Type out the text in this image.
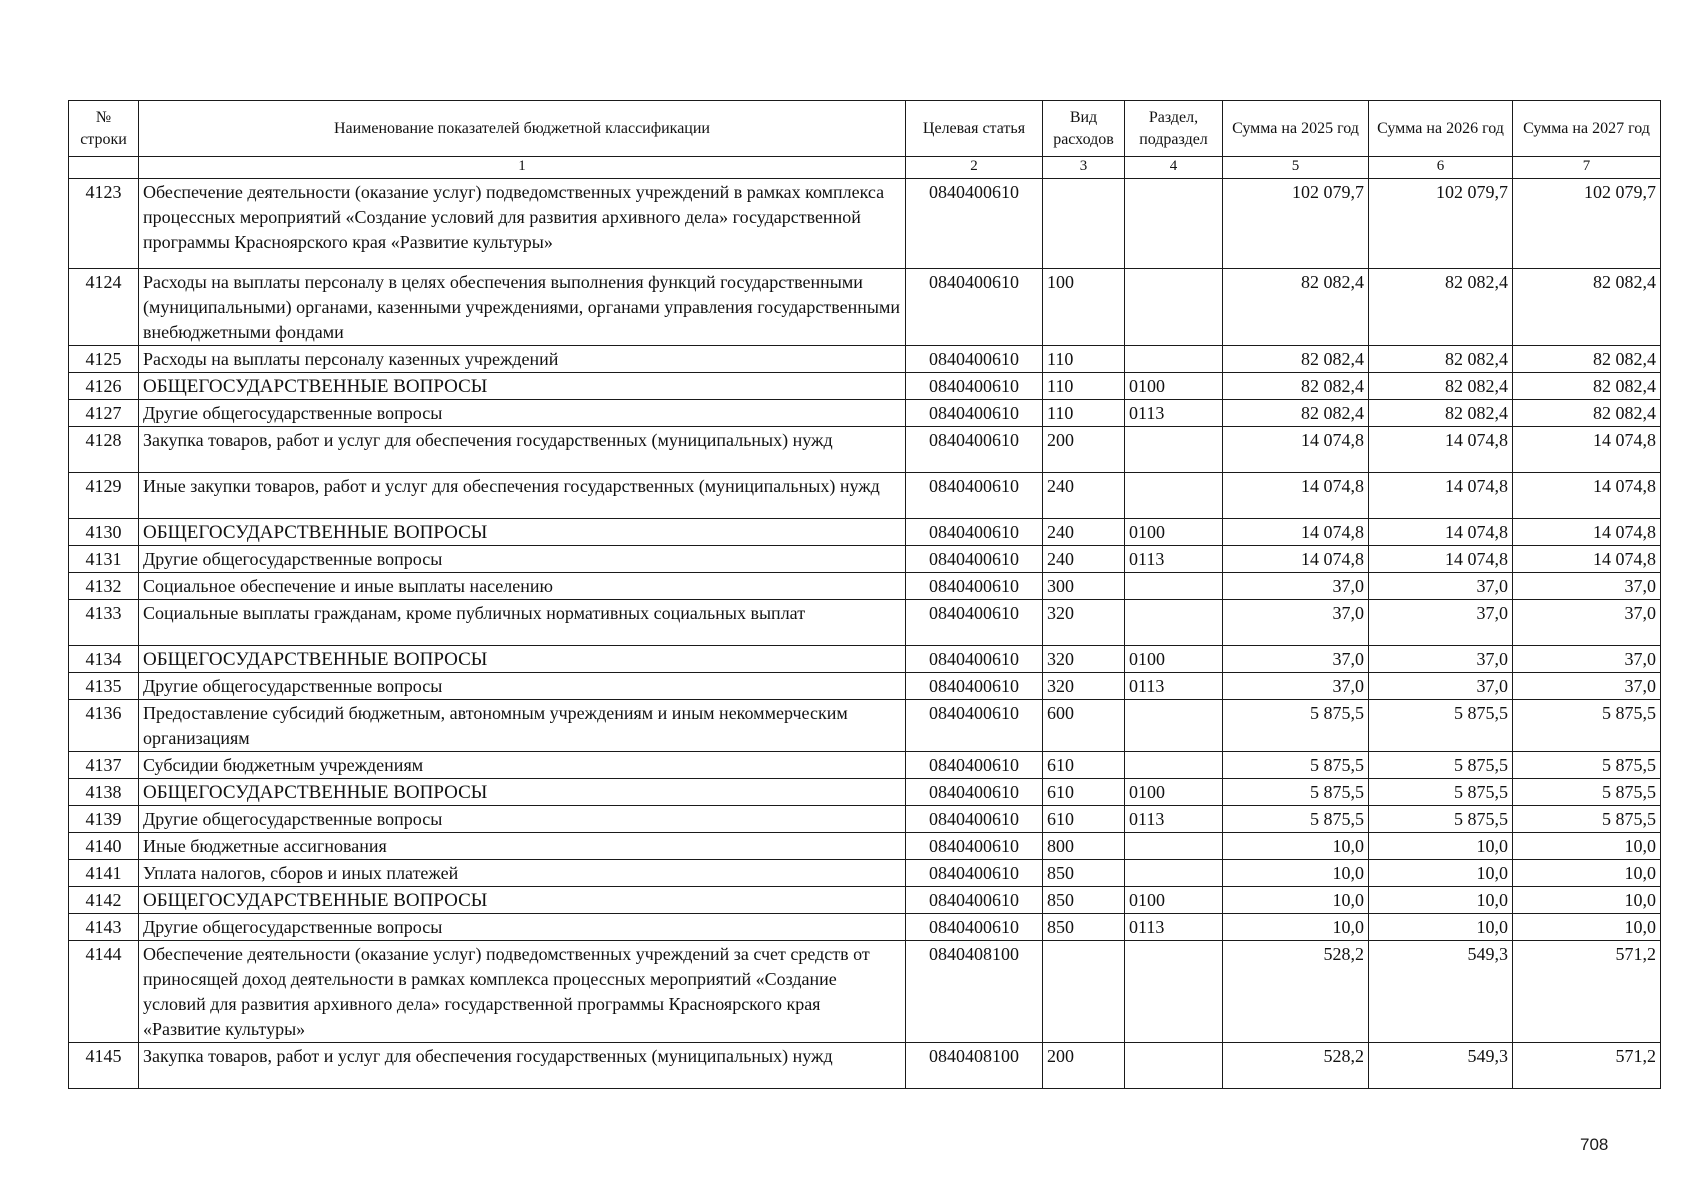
№ строки	Наименование показателей бюджетной классификации	Целевая статья	Вид расходов	Раздел, подраздел	Сумма на 2025 год	Сумма на 2026 год	Сумма на 2027 год
	1	2	3	4	5	6	7
4123	Обеспечение деятельности (оказание услуг) подведомственных учреждений в рамках комплекса процессных мероприятий «Создание условий для развития архивного дела» государственной программы Красноярского края «Развитие культуры»	0840400610			102 079,7	102 079,7	102 079,7
4124	Расходы на выплаты персоналу в целях обеспечения выполнения функций государственными (муниципальными) органами, казенными учреждениями, органами управления государственными внебюджетными фондами	0840400610	100		82 082,4	82 082,4	82 082,4
4125	Расходы на выплаты персоналу казенных учреждений	0840400610	110		82 082,4	82 082,4	82 082,4
4126	ОБЩЕГОСУДАРСТВЕННЫЕ ВОПРОСЫ	0840400610	110	0100	82 082,4	82 082,4	82 082,4
4127	Другие общегосударственные вопросы	0840400610	110	0113	82 082,4	82 082,4	82 082,4
4128	Закупка товаров, работ и услуг для обеспечения государственных (муниципальных) нужд	0840400610	200		14 074,8	14 074,8	14 074,8
4129	Иные закупки товаров, работ и услуг для обеспечения государственных (муниципальных) нужд	0840400610	240		14 074,8	14 074,8	14 074,8
4130	ОБЩЕГОСУДАРСТВЕННЫЕ ВОПРОСЫ	0840400610	240	0100	14 074,8	14 074,8	14 074,8
4131	Другие общегосударственные вопросы	0840400610	240	0113	14 074,8	14 074,8	14 074,8
4132	Социальное обеспечение и иные выплаты населению	0840400610	300		37,0	37,0	37,0
4133	Социальные выплаты гражданам, кроме публичных нормативных социальных выплат	0840400610	320		37,0	37,0	37,0
4134	ОБЩЕГОСУДАРСТВЕННЫЕ ВОПРОСЫ	0840400610	320	0100	37,0	37,0	37,0
4135	Другие общегосударственные вопросы	0840400610	320	0113	37,0	37,0	37,0
4136	Предоставление субсидий бюджетным, автономным учреждениям и иным некоммерческим организациям	0840400610	600		5 875,5	5 875,5	5 875,5
4137	Субсидии бюджетным учреждениям	0840400610	610		5 875,5	5 875,5	5 875,5
4138	ОБЩЕГОСУДАРСТВЕННЫЕ ВОПРОСЫ	0840400610	610	0100	5 875,5	5 875,5	5 875,5
4139	Другие общегосударственные вопросы	0840400610	610	0113	5 875,5	5 875,5	5 875,5
4140	Иные бюджетные ассигнования	0840400610	800		10,0	10,0	10,0
4141	Уплата налогов, сборов и иных платежей	0840400610	850		10,0	10,0	10,0
4142	ОБЩЕГОСУДАРСТВЕННЫЕ ВОПРОСЫ	0840400610	850	0100	10,0	10,0	10,0
4143	Другие общегосударственные вопросы	0840400610	850	0113	10,0	10,0	10,0
4144	Обеспечение деятельности (оказание услуг) подведомственных учреждений за счет средств от приносящей доход деятельности в рамках комплекса процессных мероприятий «Создание условий для развития архивного дела» государственной программы Красноярского края «Развитие культуры»	0840408100			528,2	549,3	571,2
4145	Закупка товаров, работ и услуг для обеспечения государственных (муниципальных) нужд	0840408100	200		528,2	549,3	571,2
708
